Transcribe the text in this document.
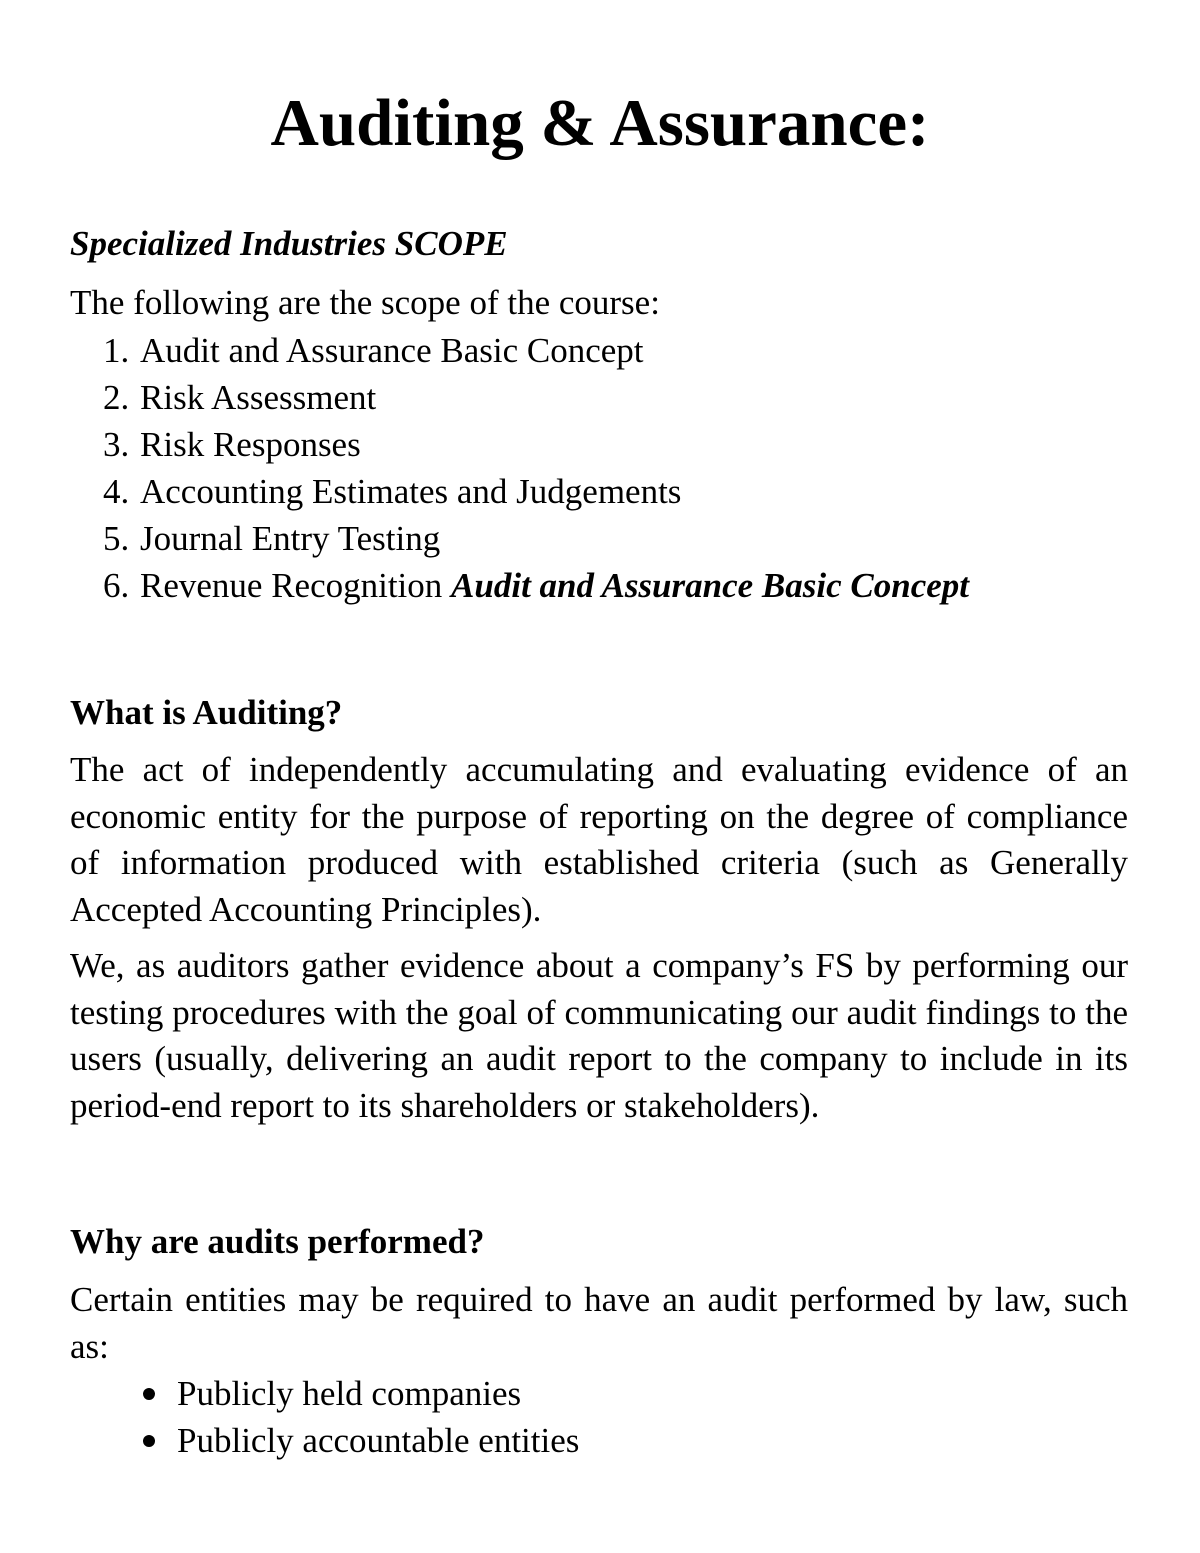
Auditing & Assurance:

Specialized Industries SCOPE

The following are the scope of the course:

1. Audit and Assurance Basic Concept
2. Risk Assessment
3. Risk Responses
4. Accounting Estimates and Judgements
5. Journal Entry Testing
6. Revenue Recognition Audit and Assurance Basic Concept
What is Auditing?

The act of independently accumulating and evaluating evidence of an economic entity for the purpose of reporting on the degree of compliance of information produced with established criteria (such as Generally Accepted Accounting Principles).

We, as auditors gather evidence about a company’s FS by performing our testing procedures with the goal of communicating our audit findings to the users (usually, delivering an audit report to the company to include in its period-end report to its shareholders or stakeholders).

Why are audits performed?

Certain entities may be required to have an audit performed by law, such as:

Publicly held companies
Publicly accountable entities
